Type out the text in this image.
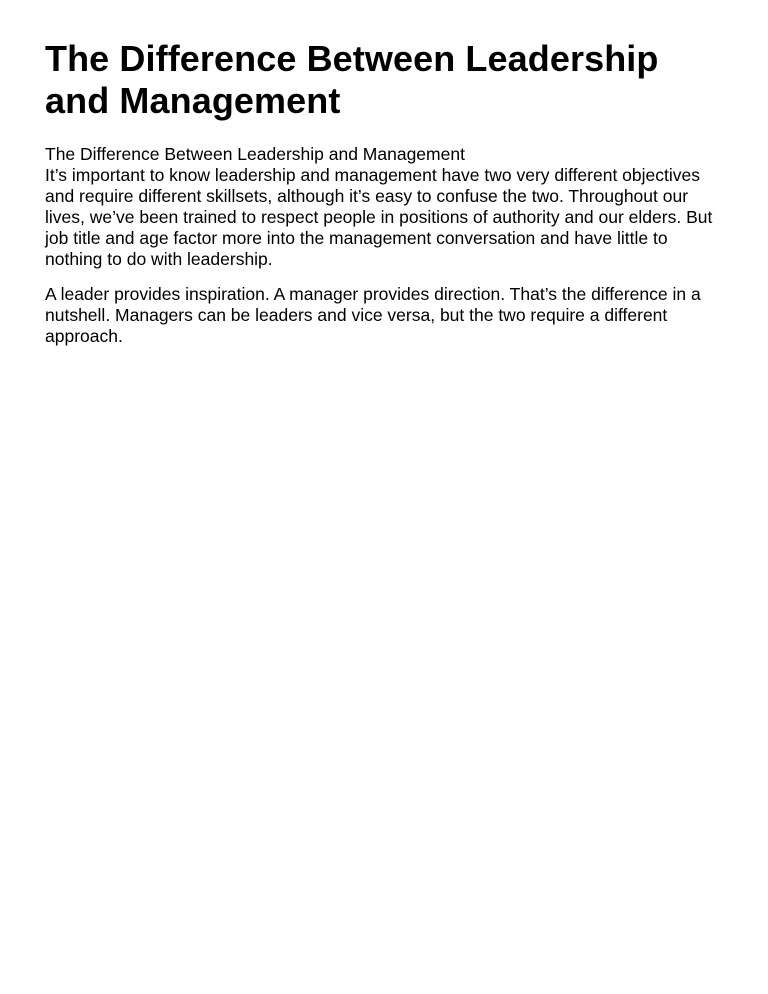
The Difference Between Leadership and Management

The Difference Between Leadership and Management
It’s important to know leadership and management have two very different objectives and require different skillsets, although it’s easy to confuse the two. Throughout our lives, we’ve been trained to respect people in positions of authority and our elders. But job title and age factor more into the management conversation and have little to nothing to do with leadership.

A leader provides inspiration. A manager provides direction. That’s the difference in a nutshell. Managers can be leaders and vice versa, but the two require a different approach.
